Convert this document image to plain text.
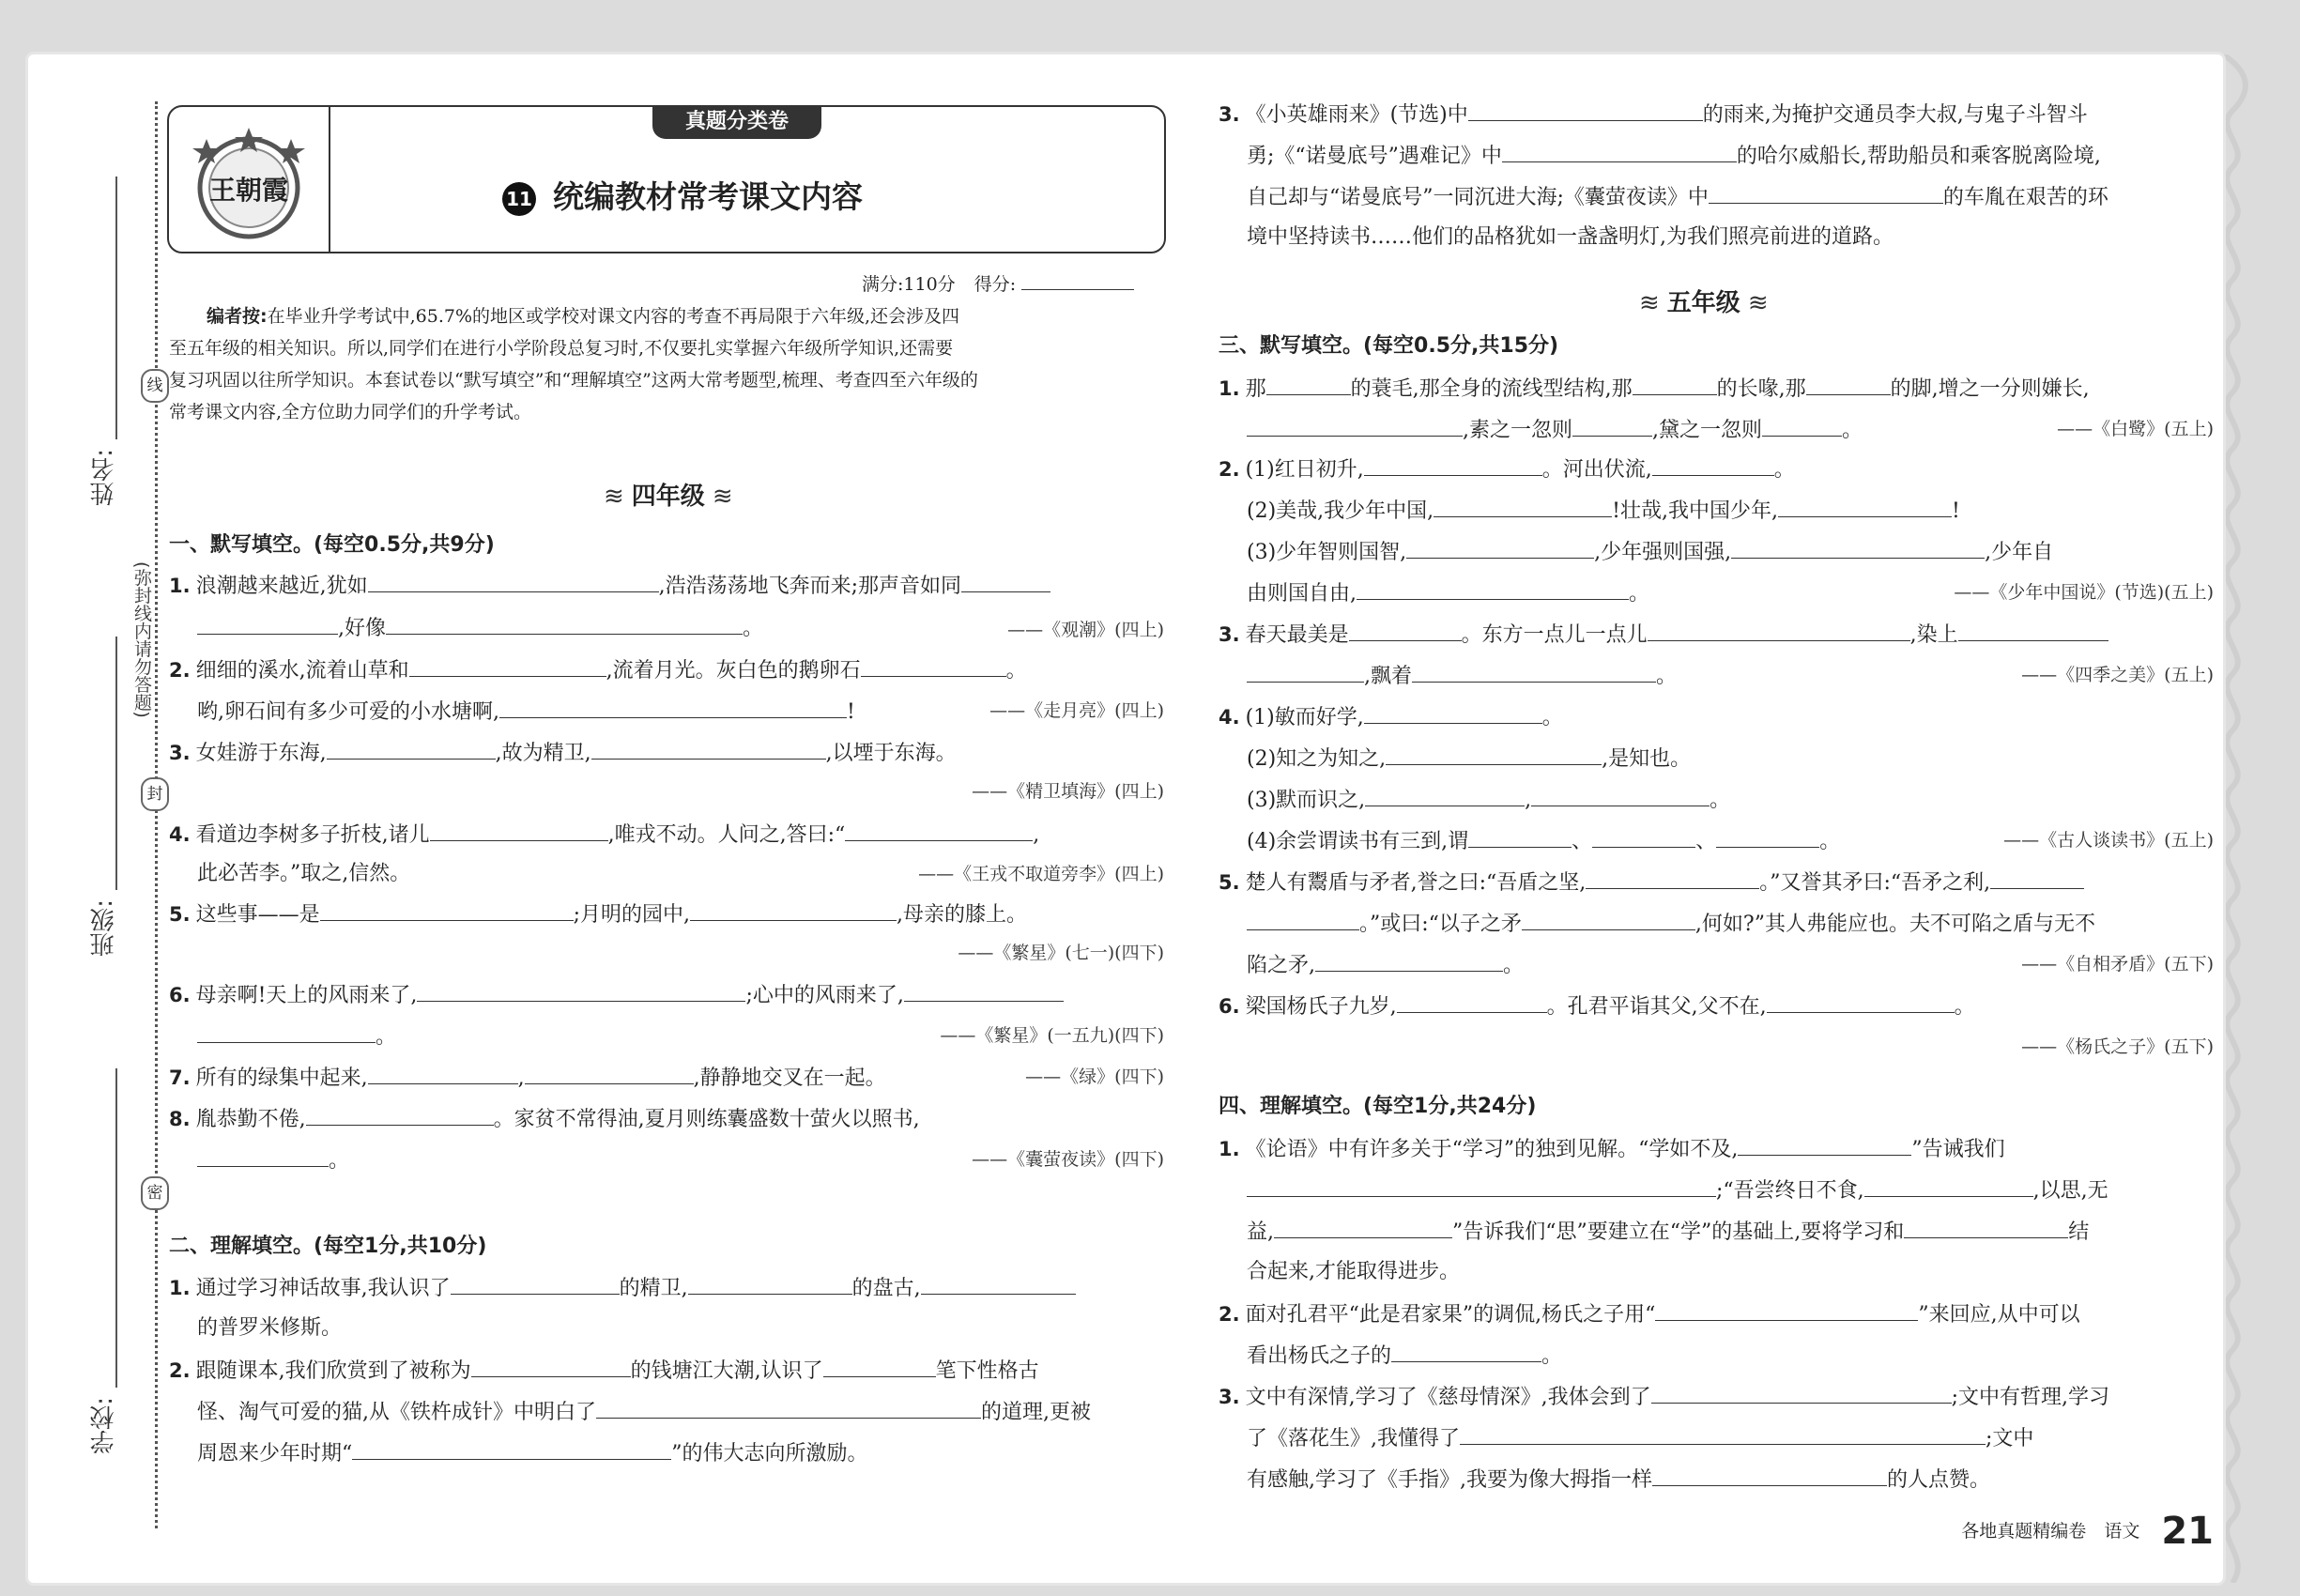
姓名:
班级:
学校:
线
封
密
(弥封线内请勿答题)
王朝霞
真题分类卷
11 统编教材常考课文内容
满分:110分 得分:
编者按:在毕业升学考试中,65.7%的地区或学校对课文内容的考查不再局限于六年级,还会涉及四
至五年级的相关知识。所以,同学们在进行小学阶段总复习时,不仅要扎实掌握六年级所学知识,还需要
复习巩固以往所学知识。本套试卷以“默写填空”和“理解填空”这两大常考题型,梳理、考查四至六年级的
常考课文内容,全方位助力同学们的升学考试。
≋ 四年级 ≋
一、默写填空。(每空0.5分,共9分)
1. 浪潮越来越近,犹如	,浩浩荡荡地飞奔而来;那声音如同
,好像	。	——《观潮》(四上)
2. 细细的溪水,流着山草和	,流着月光。灰白色的鹅卵石	。
哟,卵石间有多少可爱的小水塘啊,	!	——《走月亮》(四上)
3. 女娃游于东海,	,故为精卫,	,以堙于东海。
——《精卫填海》(四上)
4. 看道边李树多子折枝,诸儿	,唯戎不动。人问之,答曰:“	,
此必苦李。”取之,信然。	——《王戎不取道旁李》(四上)
5. 这些事——是	;月明的园中,	,母亲的膝上。
——《繁星》(七一)(四下)
6. 母亲啊!天上的风雨来了,	;心中的风雨来了,
。	——《繁星》(一五九)(四下)
7. 所有的绿集中起来,	,	,静静地交叉在一起。	——《绿》(四下)
8. 胤恭勤不倦,	。家贫不常得油,夏月则练囊盛数十萤火以照书,
。	——《囊萤夜读》(四下)
二、理解填空。(每空1分,共10分)
1. 通过学习神话故事,我认识了	的精卫,	的盘古,
的普罗米修斯。
2. 跟随课本,我们欣赏到了被称为	的钱塘江大潮,认识了	笔下性格古
怪、淘气可爱的猫,从《铁杵成针》中明白了	的道理,更被
周恩来少年时期“	”的伟大志向所激励。
3. 《小英雄雨来》(节选)中	的雨来,为掩护交通员李大叔,与鬼子斗智斗
勇;《“诺曼底号”遇难记》中	的哈尔威船长,帮助船员和乘客脱离险境,
自己却与“诺曼底号”一同沉进大海;《囊萤夜读》中	的车胤在艰苦的环
境中坚持读书……他们的品格犹如一盏盏明灯,为我们照亮前进的道路。
≋ 五年级 ≋
三、默写填空。(每空0.5分,共15分)
1. 那	的蓑毛,那全身的流线型结构,那	的长喙,那	的脚,增之一分则嫌长,
,素之一忽则	,黛之一忽则	。	——《白鹭》(五上)
2. (1)红日初升,	。河出伏流,	。
(2)美哉,我少年中国,	!壮哉,我中国少年,	!
(3)少年智则国智,	,少年强则国强,	,少年自
由则国自由,	。	——《少年中国说》(节选)(五上)
3. 春天最美是	。东方一点儿一点儿	,染上
,飘着	。	——《四季之美》(五上)
4. (1)敏而好学,	。
(2)知之为知之,	,是知也。
(3)默而识之,	,	。
(4)余尝谓读书有三到,谓	、	、	。	——《古人谈读书》(五上)
5. 楚人有鬻盾与矛者,誉之曰:“吾盾之坚,	。”又誉其矛曰:“吾矛之利,
。”或曰:“以子之矛	,何如?”其人弗能应也。夫不可陷之盾与无不
陷之矛,	。	——《自相矛盾》(五下)
6. 梁国杨氏子九岁,	。孔君平诣其父,父不在,	。
——《杨氏之子》(五下)
四、理解填空。(每空1分,共24分)
1. 《论语》中有许多关于“学习”的独到见解。“学如不及,	”告诫我们
;“吾尝终日不食,	,以思,无
益,	”告诉我们“思”要建立在“学”的基础上,要将学习和	结
合起来,才能取得进步。
2. 面对孔君平“此是君家果”的调侃,杨氏之子用“	”来回应,从中可以
看出杨氏之子的	。
3. 文中有深情,学习了《慈母情深》,我体会到了	;文中有哲理,学习
了《落花生》,我懂得了	;文中
有感触,学习了《手指》,我要为像大拇指一样	的人点赞。
各地真题精编卷 语文 21
